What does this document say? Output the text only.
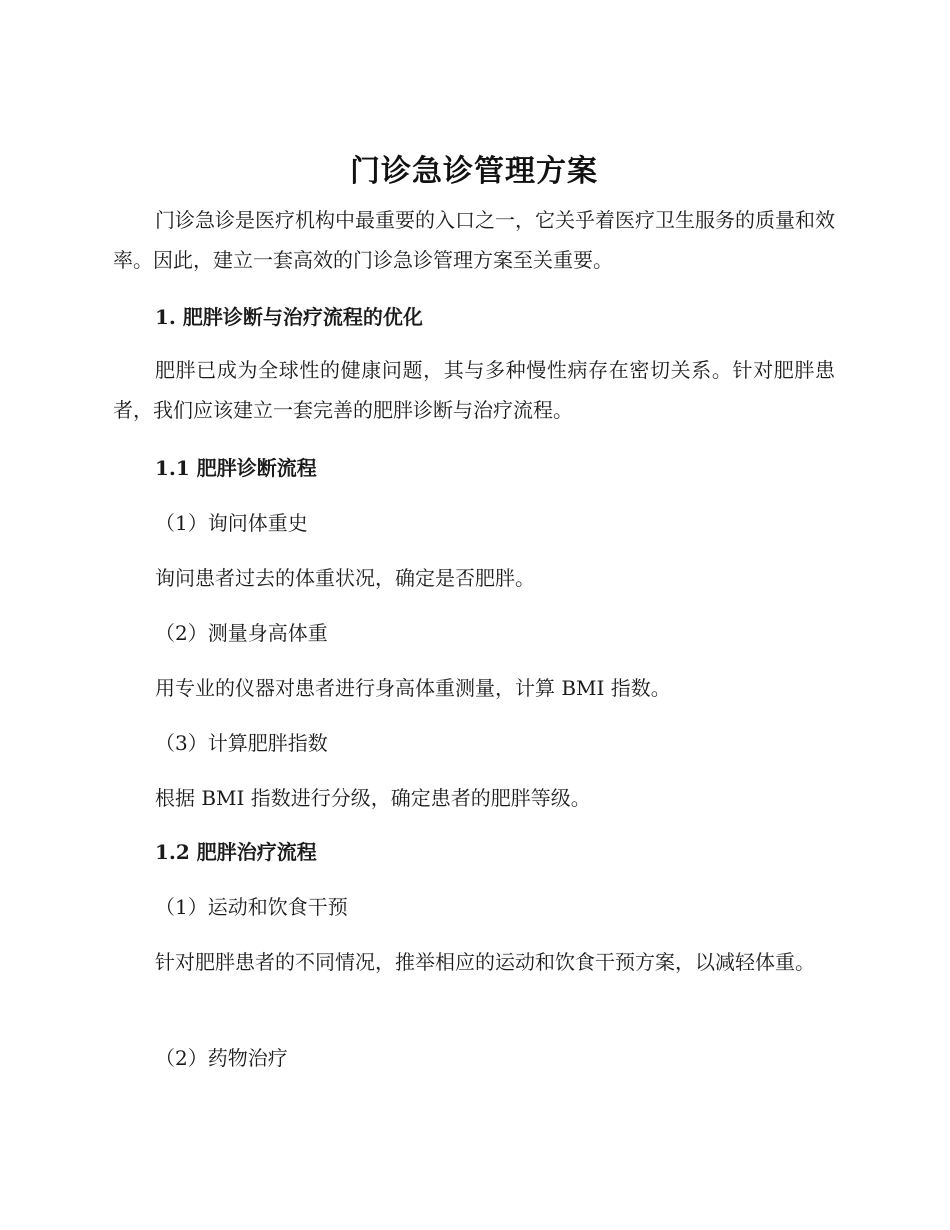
门诊急诊管理方案
门诊急诊是医疗机构中最重要的入口之一，它关乎着医疗卫生服务的质量和效率。因此，建立一套高效的门诊急诊管理方案至关重要。
1. 肥胖诊断与治疗流程的优化
肥胖已成为全球性的健康问题，其与多种慢性病存在密切关系。针对肥胖患者，我们应该建立一套完善的肥胖诊断与治疗流程。
1.1 肥胖诊断流程
（1）询问体重史
询问患者过去的体重状况，确定是否肥胖。
（2）测量身高体重
用专业的仪器对患者进行身高体重测量，计算 BMI 指数。
（3）计算肥胖指数
根据 BMI 指数进行分级，确定患者的肥胖等级。
1.2 肥胖治疗流程
（1）运动和饮食干预
针对肥胖患者的不同情况，推举相应的运动和饮食干预方案，以减轻体重。
（2）药物治疗
